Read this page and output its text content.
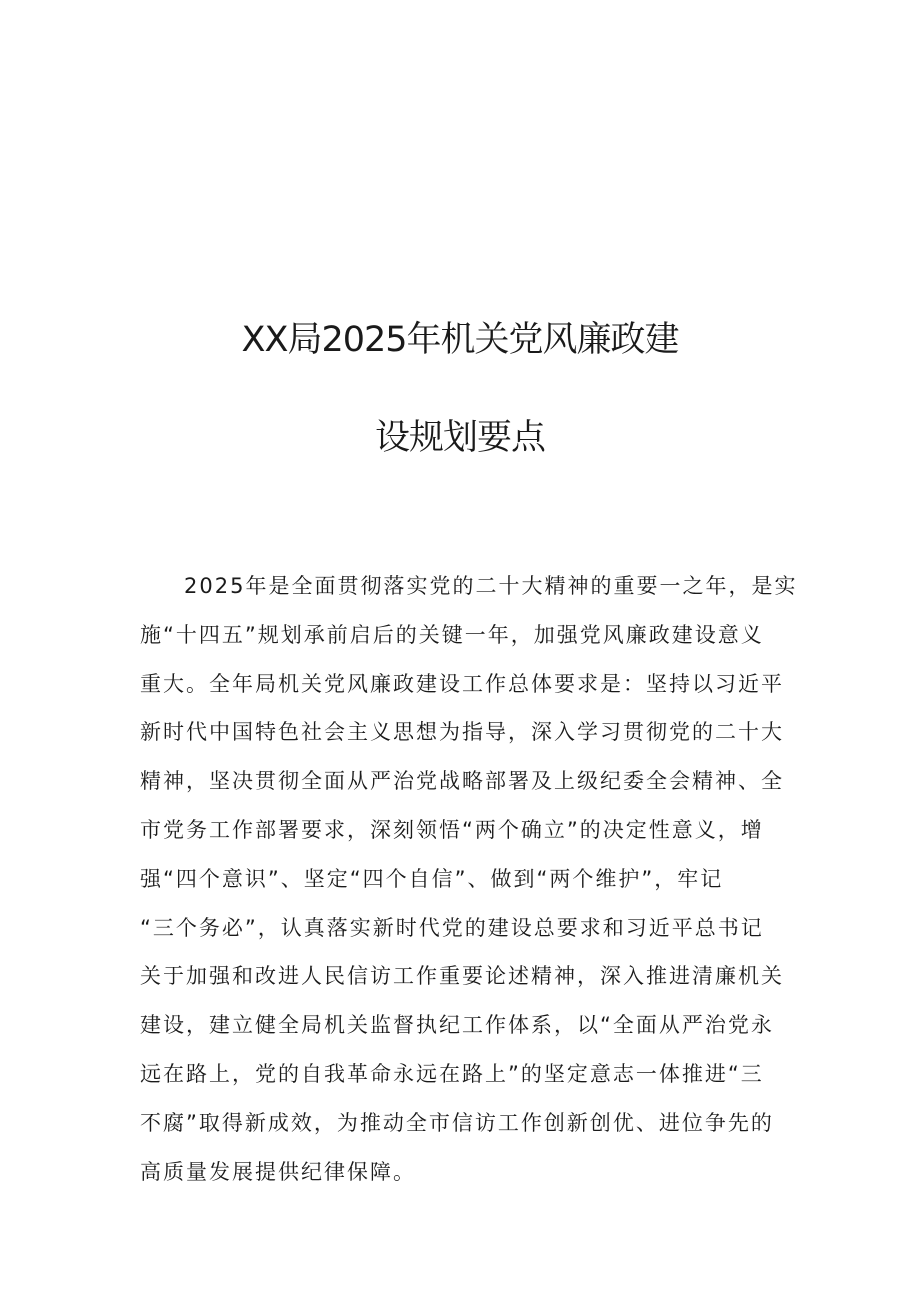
XX局2025年机关党风廉政建
设规划要点
2025年是全面贯彻落实党的二十大精神的重要一之年，是实
施“十四五”规划承前启后的关键一年，加强党风廉政建设意义
重大。全年局机关党风廉政建设工作总体要求是：坚持以习近平
新时代中国特色社会主义思想为指导，深入学习贯彻党的二十大
精神，坚决贯彻全面从严治党战略部署及上级纪委全会精神、全
市党务工作部署要求，深刻领悟“两个确立”的决定性意义，增
强“四个意识”、坚定“四个自信”、做到“两个维护”，牢记
“三个务必”，认真落实新时代党的建设总要求和习近平总书记
关于加强和改进人民信访工作重要论述精神，深入推进清廉机关
建设，建立健全局机关监督执纪工作体系，以“全面从严治党永
远在路上，党的自我革命永远在路上”的坚定意志一体推进“三
不腐”取得新成效，为推动全市信访工作创新创优、进位争先的
高质量发展提供纪律保障。
